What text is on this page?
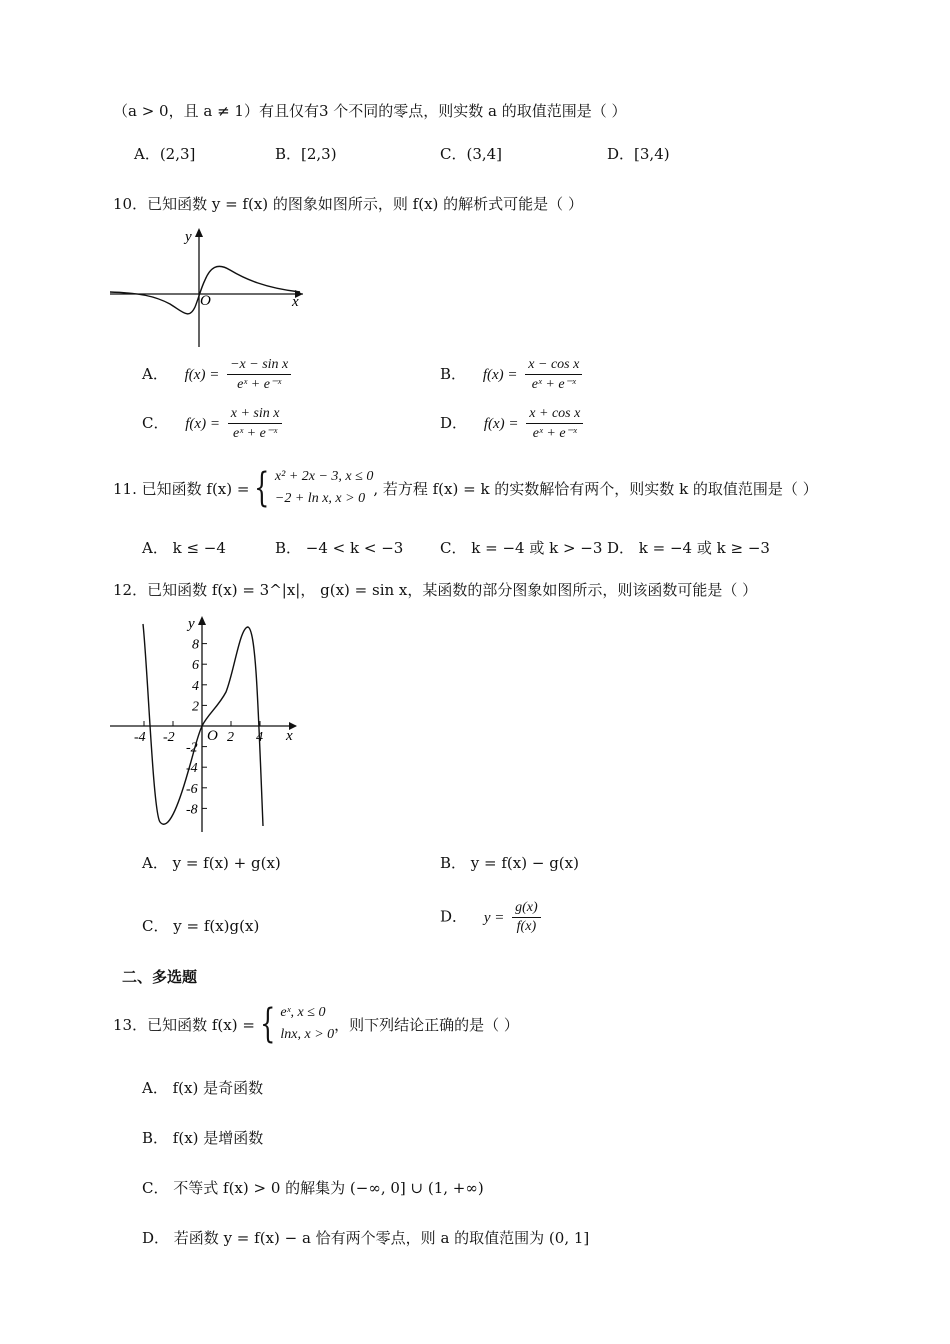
（a > 0，且 a ≠ 1）有且仅有3 个不同的零点，则实数 a 的取值范围是（ ）
A．(2,3]	B．[2,3)	C．(3,4]	D．[3,4)
10．已知函数 y = f(x) 的图象如图所示，则 f(x) 的解析式可能是（ ）
y
x
O
A． $f(x) = \frac{\text{−x − sin x}}{\text{eˣ + e⁻ˣ}}$	B． $f(x) = \frac{\text{x − cos x}}{\text{eˣ + e⁻ˣ}}$
C． $f(x) = \frac{\text{x + sin x}}{\text{eˣ + e⁻ˣ}}$	D． $f(x) = \frac{\text{x + cos x}}{\text{eˣ + e⁻ˣ}}$
11. 已知函数 f(x) = { x² + 2x − 3, x ≤ 0
−2 + ln x, x > 0
, 若方程 f(x) = k 的实数解恰有两个，则实数 k 的取值范围是（ ）
A． k ≤ −4	B． −4 < k < −3 C． k = −4 或 k > −3 D． k = −4 或 k ≥ −3
12．已知函数 f(x) = 3^|x|， g(x) = sin x，某函数的部分图象如图所示，则该函数可能是（ ）
y
x
O
8
6
4
2
-2
-4
-6
-8
-4 -2	2 4
A． y = f(x) + g(x)	B． y = f(x) − g(x)
C． y = f(x)g(x)
D． $y = \frac{g(x)}{f(x)}$
二、多选题
13．已知函数 f(x) = { eˣ, x ≤ 0
lnx, x > 0
，则下列结论正确的是（ ）
A． f(x) 是奇函数
B． f(x) 是增函数
C． 不等式 f(x) > 0 的解集为 (−∞, 0] ∪ (1, +∞)
D． 若函数 y = f(x) − a 恰有两个零点，则 a 的取值范围为 (0, 1]
